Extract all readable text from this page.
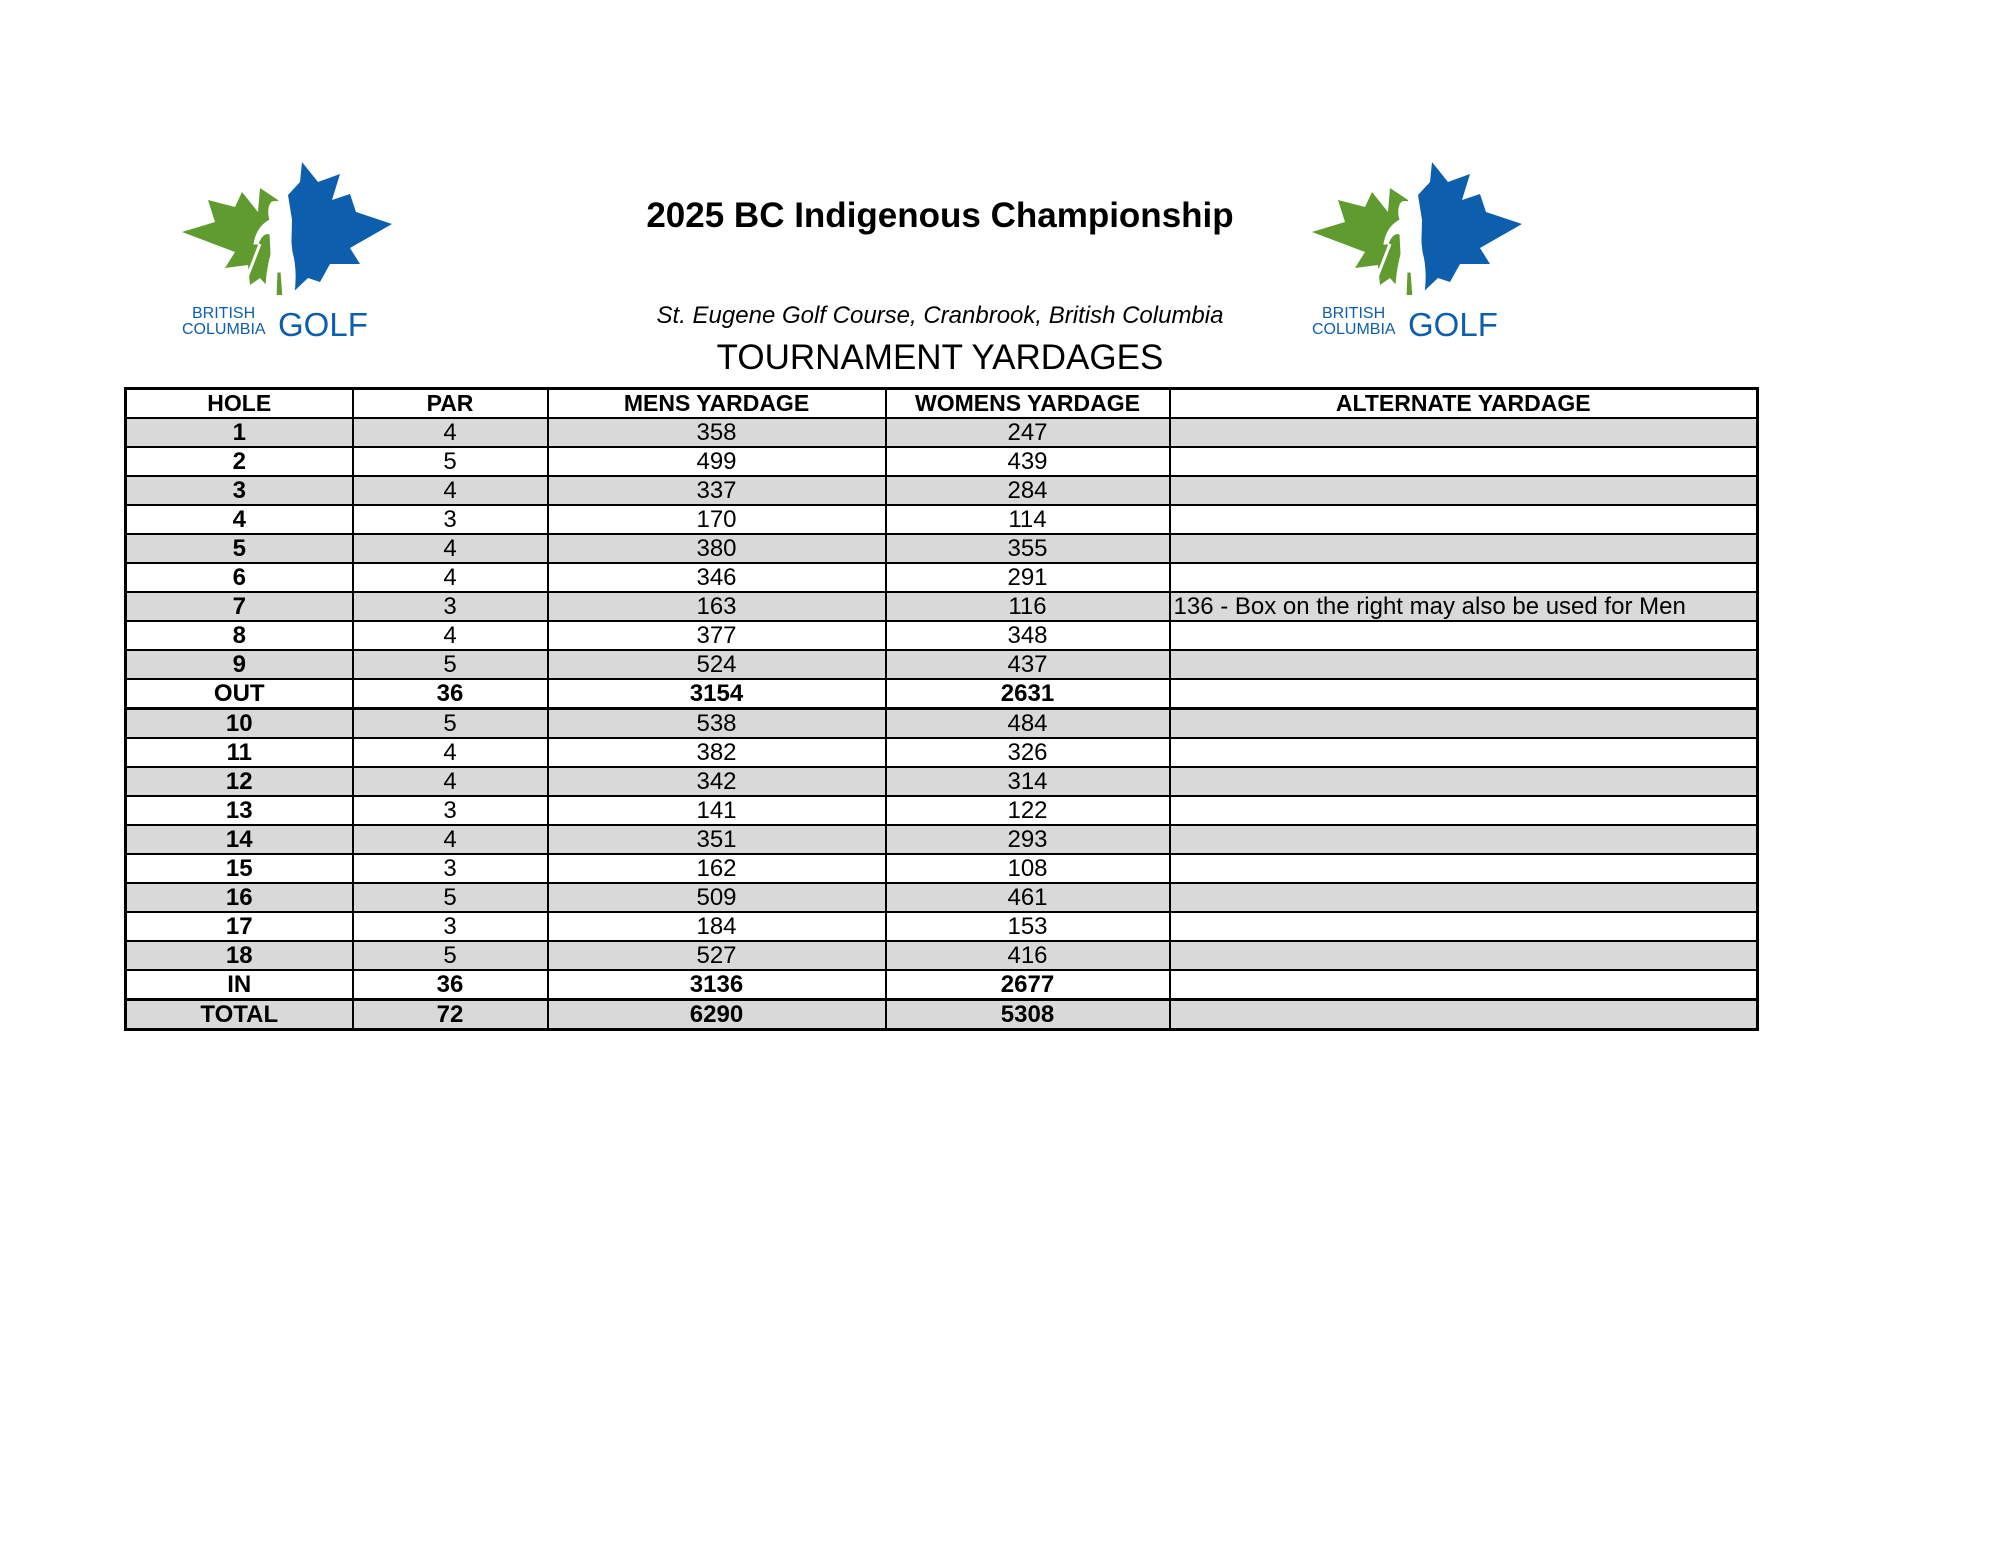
BRITISH
COLUMBIA GOLF	BRITISH
COLUMBIA GOLF
2025 BC Indigenous Championship
St. Eugene Golf Course, Cranbrook, British Columbia
TOURNAMENT YARDAGES
HOLE	PAR	MENS YARDAGE	WOMENS YARDAGE	ALTERNATE YARDAGE
1	4	358	247	
2	5	499	439	
3	4	337	284	
4	3	170	114	
5	4	380	355	
6	4	346	291	
7	3	163	116	136 - Box on the right may also be used for Men
8	4	377	348	
9	5	524	437	
OUT	36	3154	2631	
10	5	538	484	
11	4	382	326	
12	4	342	314	
13	3	141	122	
14	4	351	293	
15	3	162	108	
16	5	509	461	
17	3	184	153	
18	5	527	416	
IN	36	3136	2677	
TOTAL	72	6290	5308	
